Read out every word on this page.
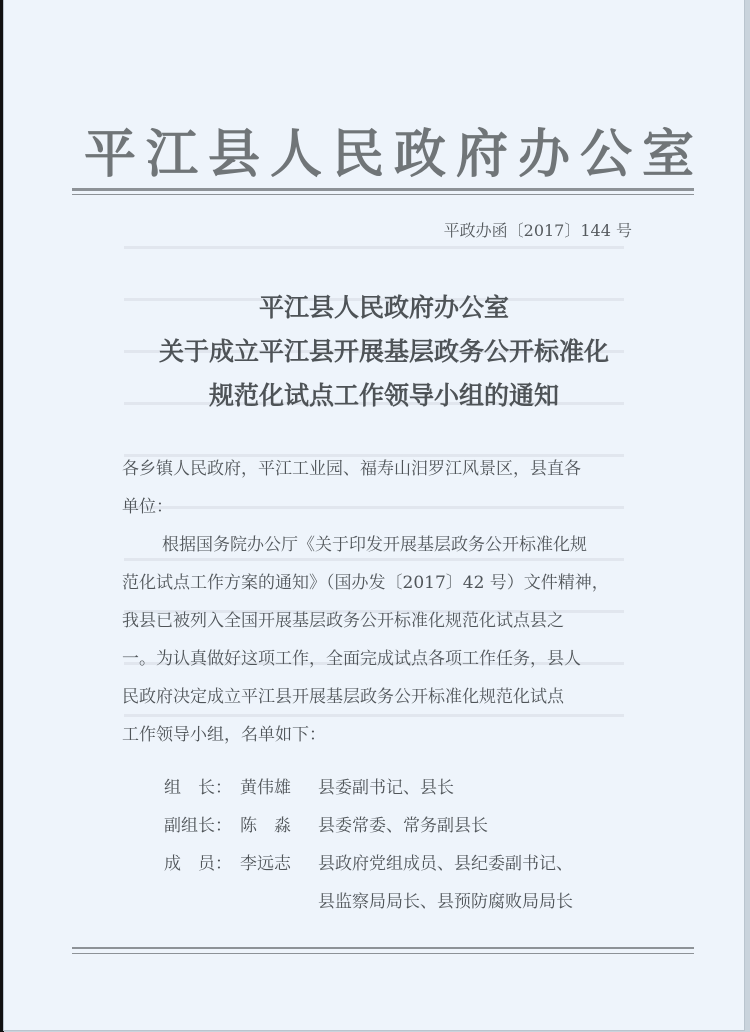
平江县人民政府办公室
平政办函〔2017〕144 号
平江县人民政府办公室
关于成立平江县开展基层政务公开标准化
规范化试点工作领导小组的通知
各乡镇人民政府，平江工业园、福寿山汨罗江风景区，县直各
单位：
根据国务院办公厅《关于印发开展基层政务公开标准化规
范化试点工作方案的通知》（国办发〔2017〕42 号）文件精神，
我县已被列入全国开展基层政务公开标准化规范化试点县之
一。为认真做好这项工作，全面完成试点各项工作任务，县人
民政府决定成立平江县开展基层政务公开标准化规范化试点
工作领导小组，名单如下：
组　长： 黄伟雄	县委副书记、县长
副组长： 陈　淼	县委常委、常务副县长
成　员： 李远志	县政府党组成员、县纪委副书记、
县监察局局长、县预防腐败局局长
